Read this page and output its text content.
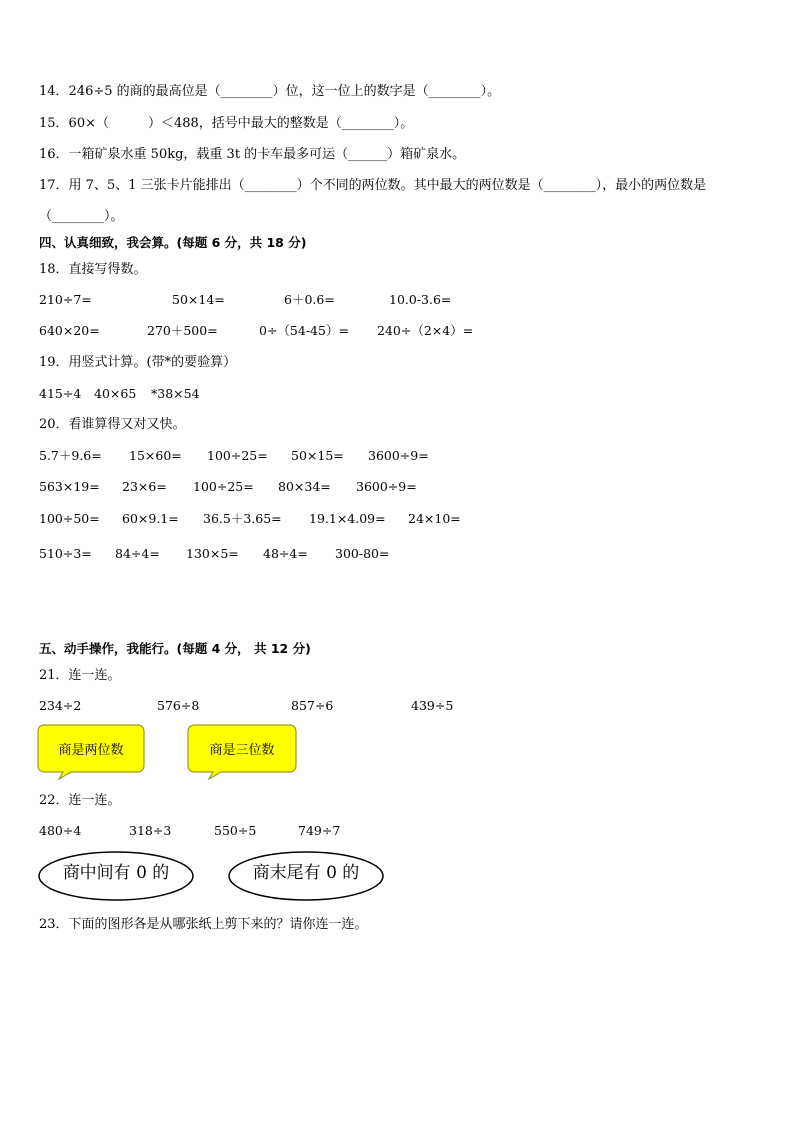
14．246÷5 的商的最高位是（________）位，这一位上的数字是（________）。
15．60×（　　　）＜488，括号中最大的整数是（________）。
16．一箱矿泉水重 50kg，载重 3t 的卡车最多可运（______）箱矿泉水。
17．用 7、5、1 三张卡片能排出（________）个不同的两位数。其中最大的两位数是（________），最小的两位数是
（________）。
四、认真细致，我会算。(每题 6 分，共 18 分)
18．直接写得数。
210÷7=	50×14=	6＋0.6=	10.0-3.6=
640×20=	270＋500=	0÷（54-45）= 240÷（2×4）=
19．用竖式计算。(带*的要验算）
415÷4 40×65 *38×54
20．看谁算得又对又快。
5.7＋9.6= 15×60= 100÷25= 50×15= 3600÷9=
563×19= 23×6= 100÷25= 80×34= 3600÷9=
100÷50= 60×9.1= 36.5＋3.65= 19.1×4.09= 24×10=
510÷3= 84÷4= 130×5= 48÷4= 300-80=
五、动手操作，我能行。(每题 4 分， 共 12 分)
21．连一连。
234÷2	576÷8	857÷6	439÷5
商是两位数	商是三位数
22．连一连。
480÷4	318÷3	550÷5	749÷7
商中间有 0 的	商末尾有 0 的
23．下面的图形各是从哪张纸上剪下来的？请你连一连。
